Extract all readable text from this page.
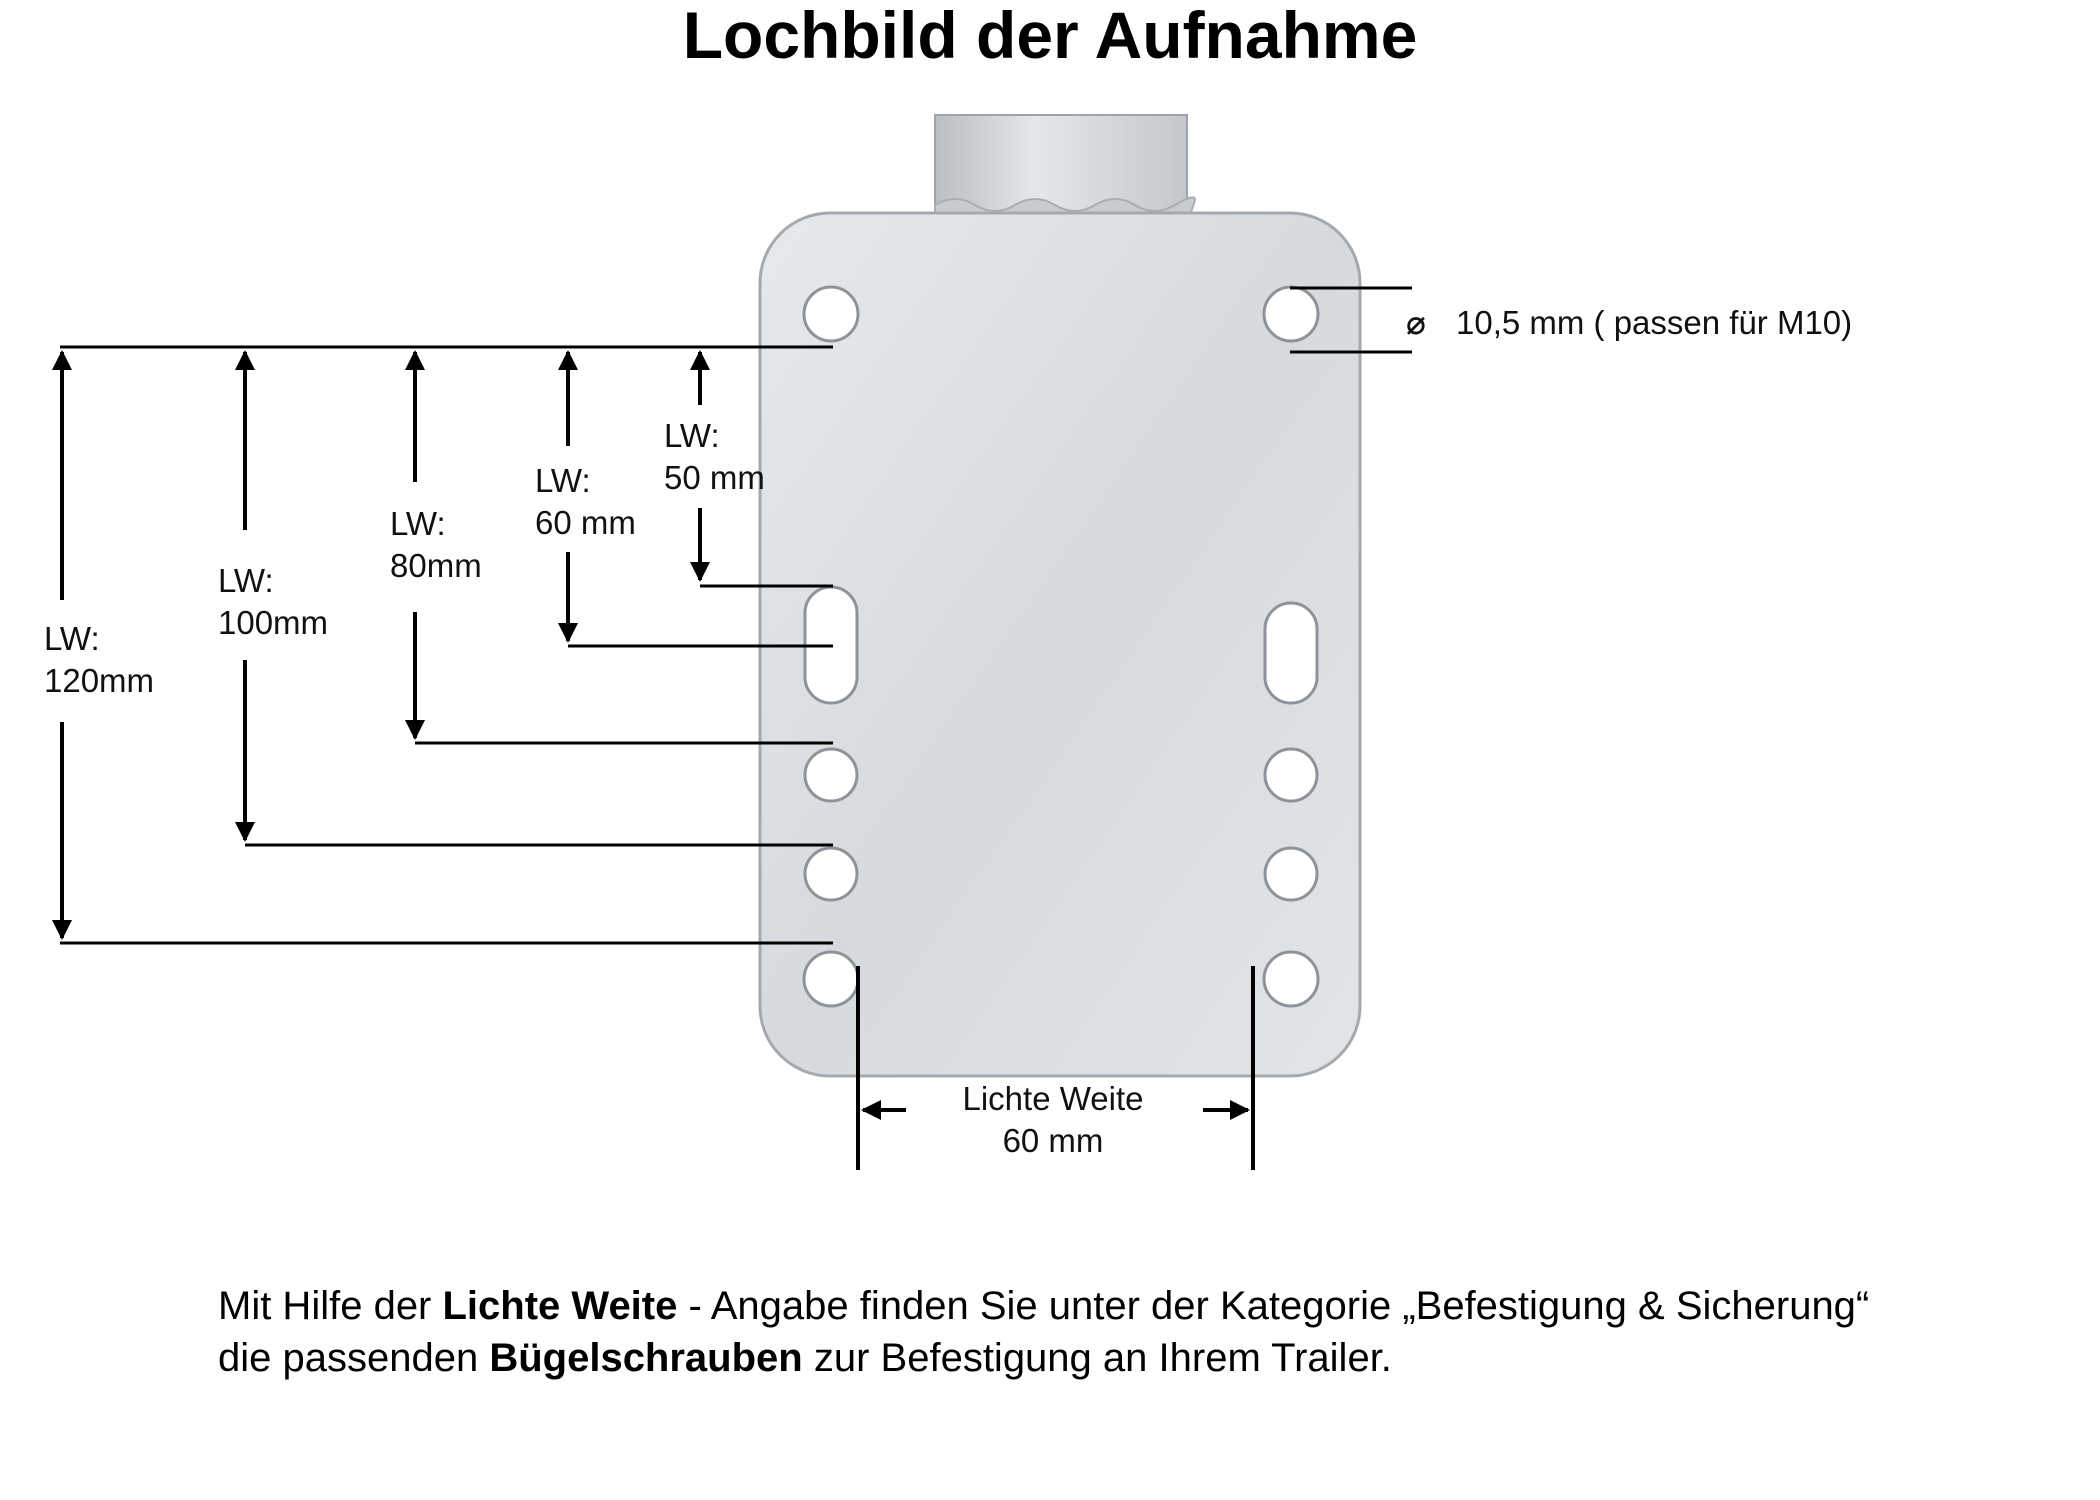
Lochbild der Aufnahme
⌀ 10,5 mm ( passen für M10)
LW:
120mm
LW:
100mm
LW:
80mm
LW:
60 mm
LW:
50 mm
Lichte Weite
60 mm
Mit Hilfe der Lichte Weite - Angabe finden Sie unter der Kategorie „Befestigung & Sicherung“
die passenden Bügelschrauben zur Befestigung an Ihrem Trailer.
